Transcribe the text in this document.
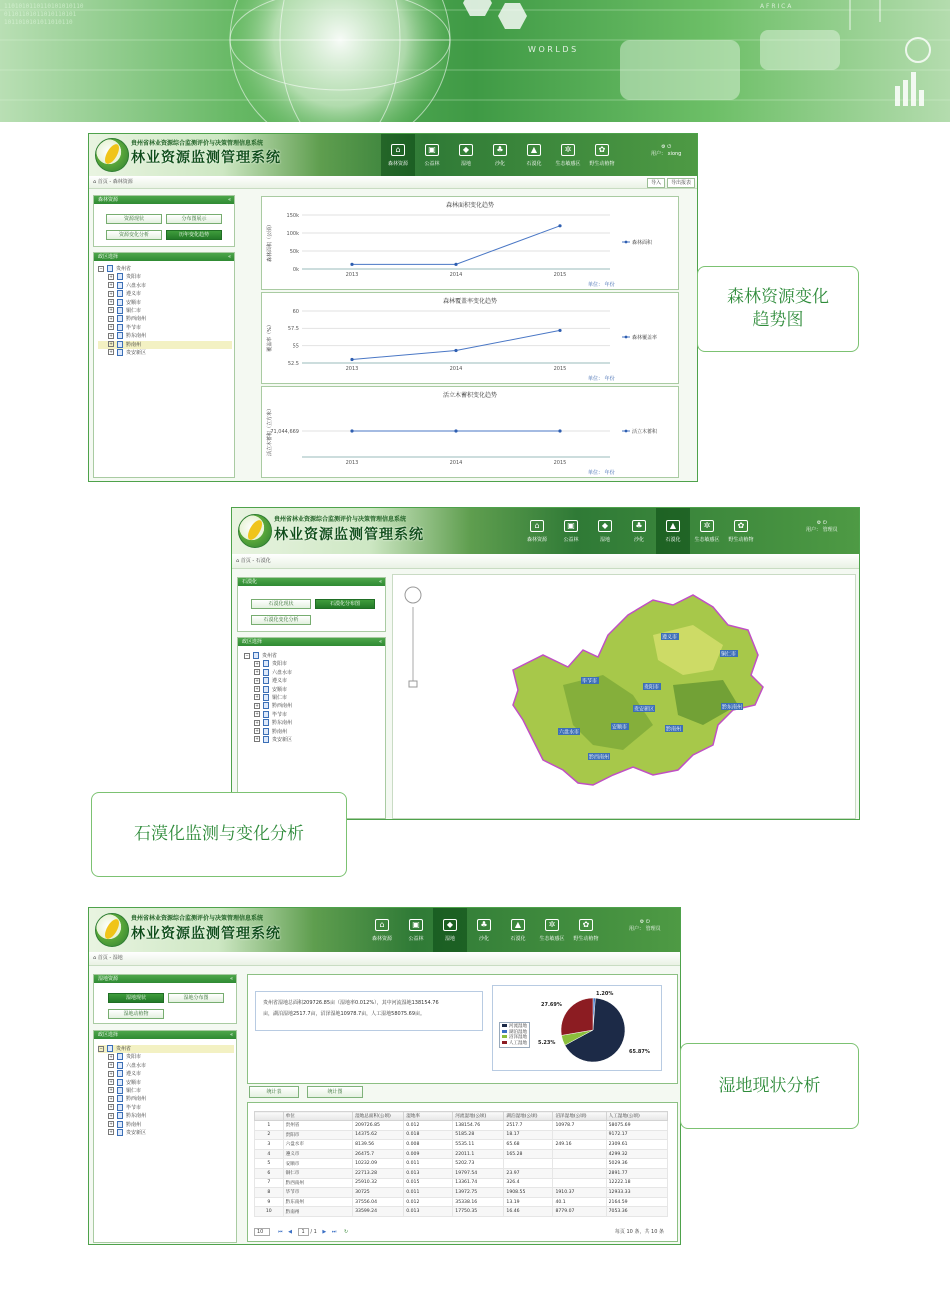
1101010110110101010110
01101101011010110101
1011010101011010110
W O R L D S
A F R I C A
贵州省林业资源综合监测评价与决策管理信息系统
林业资源监测管理系统
⌂
森林资源
▣
公益林
◆
湿地
♣
沙化
▲
石漠化
✲
生态敏感区
✿
野生动植物
⚙ ⏻
用户： xiong
⌂ 首页 - 森林资源	导入	导出报表
森林资源 «
资源现状	分布图展示
资源变化分析	历年变化趋势
政区选择 «
−	贵州省
+	贵阳市
+	六盘水市
+	遵义市
+	安顺市
+	铜仁市
+	黔西南州
+	毕节市
+	黔东南州
+	黔南州
+	贵安新区
森林面积变化趋势
森林面积（公顷）
0k
50k
100k
150k
2013	2014	2015
单位： 年份
森林面积
森林覆盖率变化趋势
覆盖率（%）
52.5
55
57.5
60
2013	2014	2015
单位： 年份
森林覆盖率
活立木蓄积变化趋势
活立木蓄积（立方米）
71,044,669
2013	2014	2015
单位： 年份
活立木蓄积
森林资源变化
趋势图
贵州省林业资源综合监测评价与决策管理信息系统
林业资源监测管理系统
⌂
森林资源
▣
公益林
◆
湿地
♣
沙化
▲
石漠化
✲
生态敏感区
✿
野生动植物
⚙ ⏻
用户： 管理员
⌂ 首页 - 石漠化
石漠化 «
石漠化现状	石漠化分布图
石漠化变化分析
政区选择 «
−	贵州省
+	贵阳市
+	六盘水市
+	遵义市
+	安顺市
+	铜仁市
+	黔西南州
+	毕节市
+	黔东南州
+	黔南州
+	贵安新区
遵义市
铜仁市
毕节市
黔东南州
黔西南州
六盘水市
安顺市
贵阳市
贵安新区
黔南州
石漠化监测与变化分析
贵州省林业资源综合监测评价与决策管理信息系统
林业资源监测管理系统
⌂
森林资源
▣
公益林
◆
湿地
♣
沙化
▲
石漠化
✲
生态敏感区
✿
野生动植物
⚙ ⏻
用户： 管理员
⌂ 首页 - 湿地
湿地资源 «
湿地现状	湿地分布图
湿地动植物
政区选择 «
−	贵州省
+	贵阳市
+	六盘水市
+	遵义市
+	安顺市
+	铜仁市
+	黔西南州
+	毕节市
+	黔东南州
+	黔南州
+	贵安新区
贵州省湿地总面积209726.85亩（湿地率0.012%），其中河流湿地138154.76
亩，湖泊湿地2517.7亩，沼泽湿地10978.7亩，人工湿地58075.69亩。
1.20%
27.69%
5.23%
65.87%
河流湿地
湖泊湿地
沼泽湿地
人工湿地
统计表	统计图
	单位	湿地总面积(公顷)	湿地率	河流湿地(公顷)	湖泊湿地(公顷)	沼泽湿地(公顷)	人工湿地(公顷)
1	贵州省	209726.85	0.012	138154.76	2517.7	10978.7	58075.69
2	贵阳市	14375.62	0.018	5185.28	18.17		9172.17
3	六盘水市	8139.56	0.008	5535.11	65.68	249.16	2309.61
4	遵义市	26475.7	0.009	22011.1	165.28		4299.32
5	安顺市	10232.09	0.011	5202.73			5029.36
6	铜仁市	22713.28	0.013	19797.54	23.97		2891.77
7	黔西南州	25910.32	0.015	13361.74	326.4		12222.18
8	毕节市	30725	0.011	13972.75	1908.55	1910.37	12933.33
9	黔东南州	37556.04	0.012	35338.16	13.19	40.1	2164.59
10	黔南州	33599.24	0.013	17750.35	16.46	8779.07	7053.36
10	⏮ ◀ 1 / 1 ▶ ⏭ ↻	每页 10 条，共 10 条
湿地现状分析
